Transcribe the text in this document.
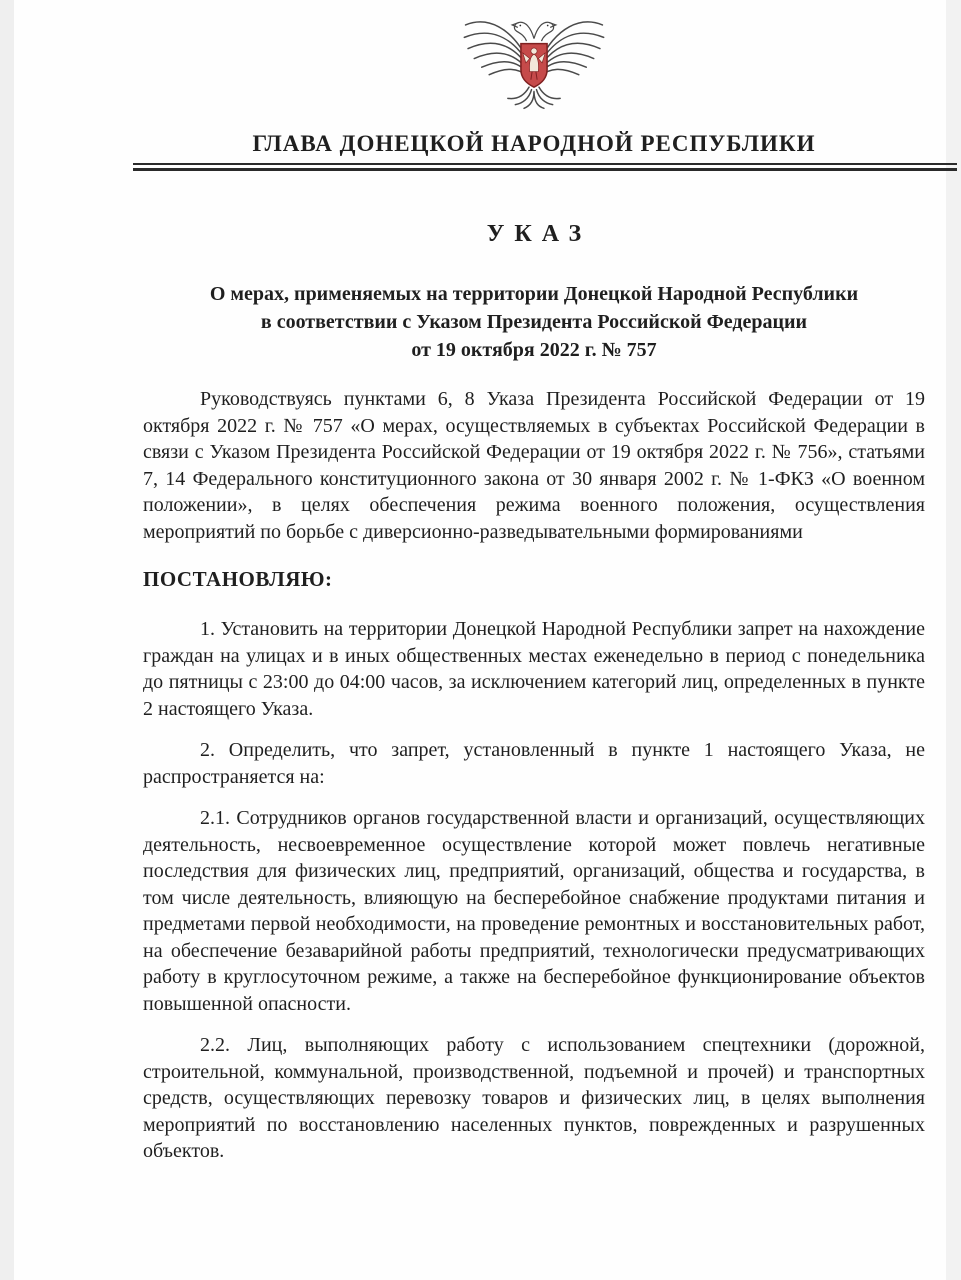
ГЛАВА ДОНЕЦКОЙ НАРОДНОЙ РЕСПУБЛИКИ
УКАЗ
О мерах, применяемых на территории Донецкой Народной Республики
в соответствии с Указом Президента Российской Федерации
от 19 октября 2022 г. № 757

Руководствуясь пунктами 6, 8 Указа Президента Российской Федерации от 19 октября 2022 г. № 757 «О мерах, осуществляемых в субъектах Российской Федерации в связи с Указом Президента Российской Федерации от 19 октября 2022 г. № 756», статьями 7, 14 Федерального конституционного закона от 30 января 2002 г. № 1-ФКЗ «О военном положении», в целях обеспечения режима военного положения, осуществления мероприятий по борьбе с диверсионно-разведывательными формированиями

ПОСТАНОВЛЯЮ:

1. Установить на территории Донецкой Народной Республики запрет на нахождение граждан на улицах и в иных общественных местах еженедельно в период с понедельника до пятницы с 23:00 до 04:00 часов, за исключением категорий лиц, определенных в пункте 2 настоящего Указа.

2. Определить, что запрет, установленный в пункте 1 настоящего Указа, не распространяется на:

2.1. Сотрудников органов государственной власти и организаций, осуществляющих деятельность, несвоевременное осуществление которой может повлечь негативные последствия для физических лиц, предприятий, организаций, общества и государства, в том числе деятельность, влияющую на бесперебойное снабжение продуктами питания и предметами первой необходимости, на проведение ремонтных и восстановительных работ, на обеспечение безаварийной работы предприятий, технологически предусматривающих работу в круглосуточном режиме, а также на бесперебойное функционирование объектов повышенной опасности.

2.2. Лиц, выполняющих работу с использованием спецтехники (дорожной, строительной, коммунальной, производственной, подъемной и прочей) и транспортных средств, осуществляющих перевозку товаров и физических лиц, в целях выполнения мероприятий по восстановлению населенных пунктов, поврежденных и разрушенных объектов.
